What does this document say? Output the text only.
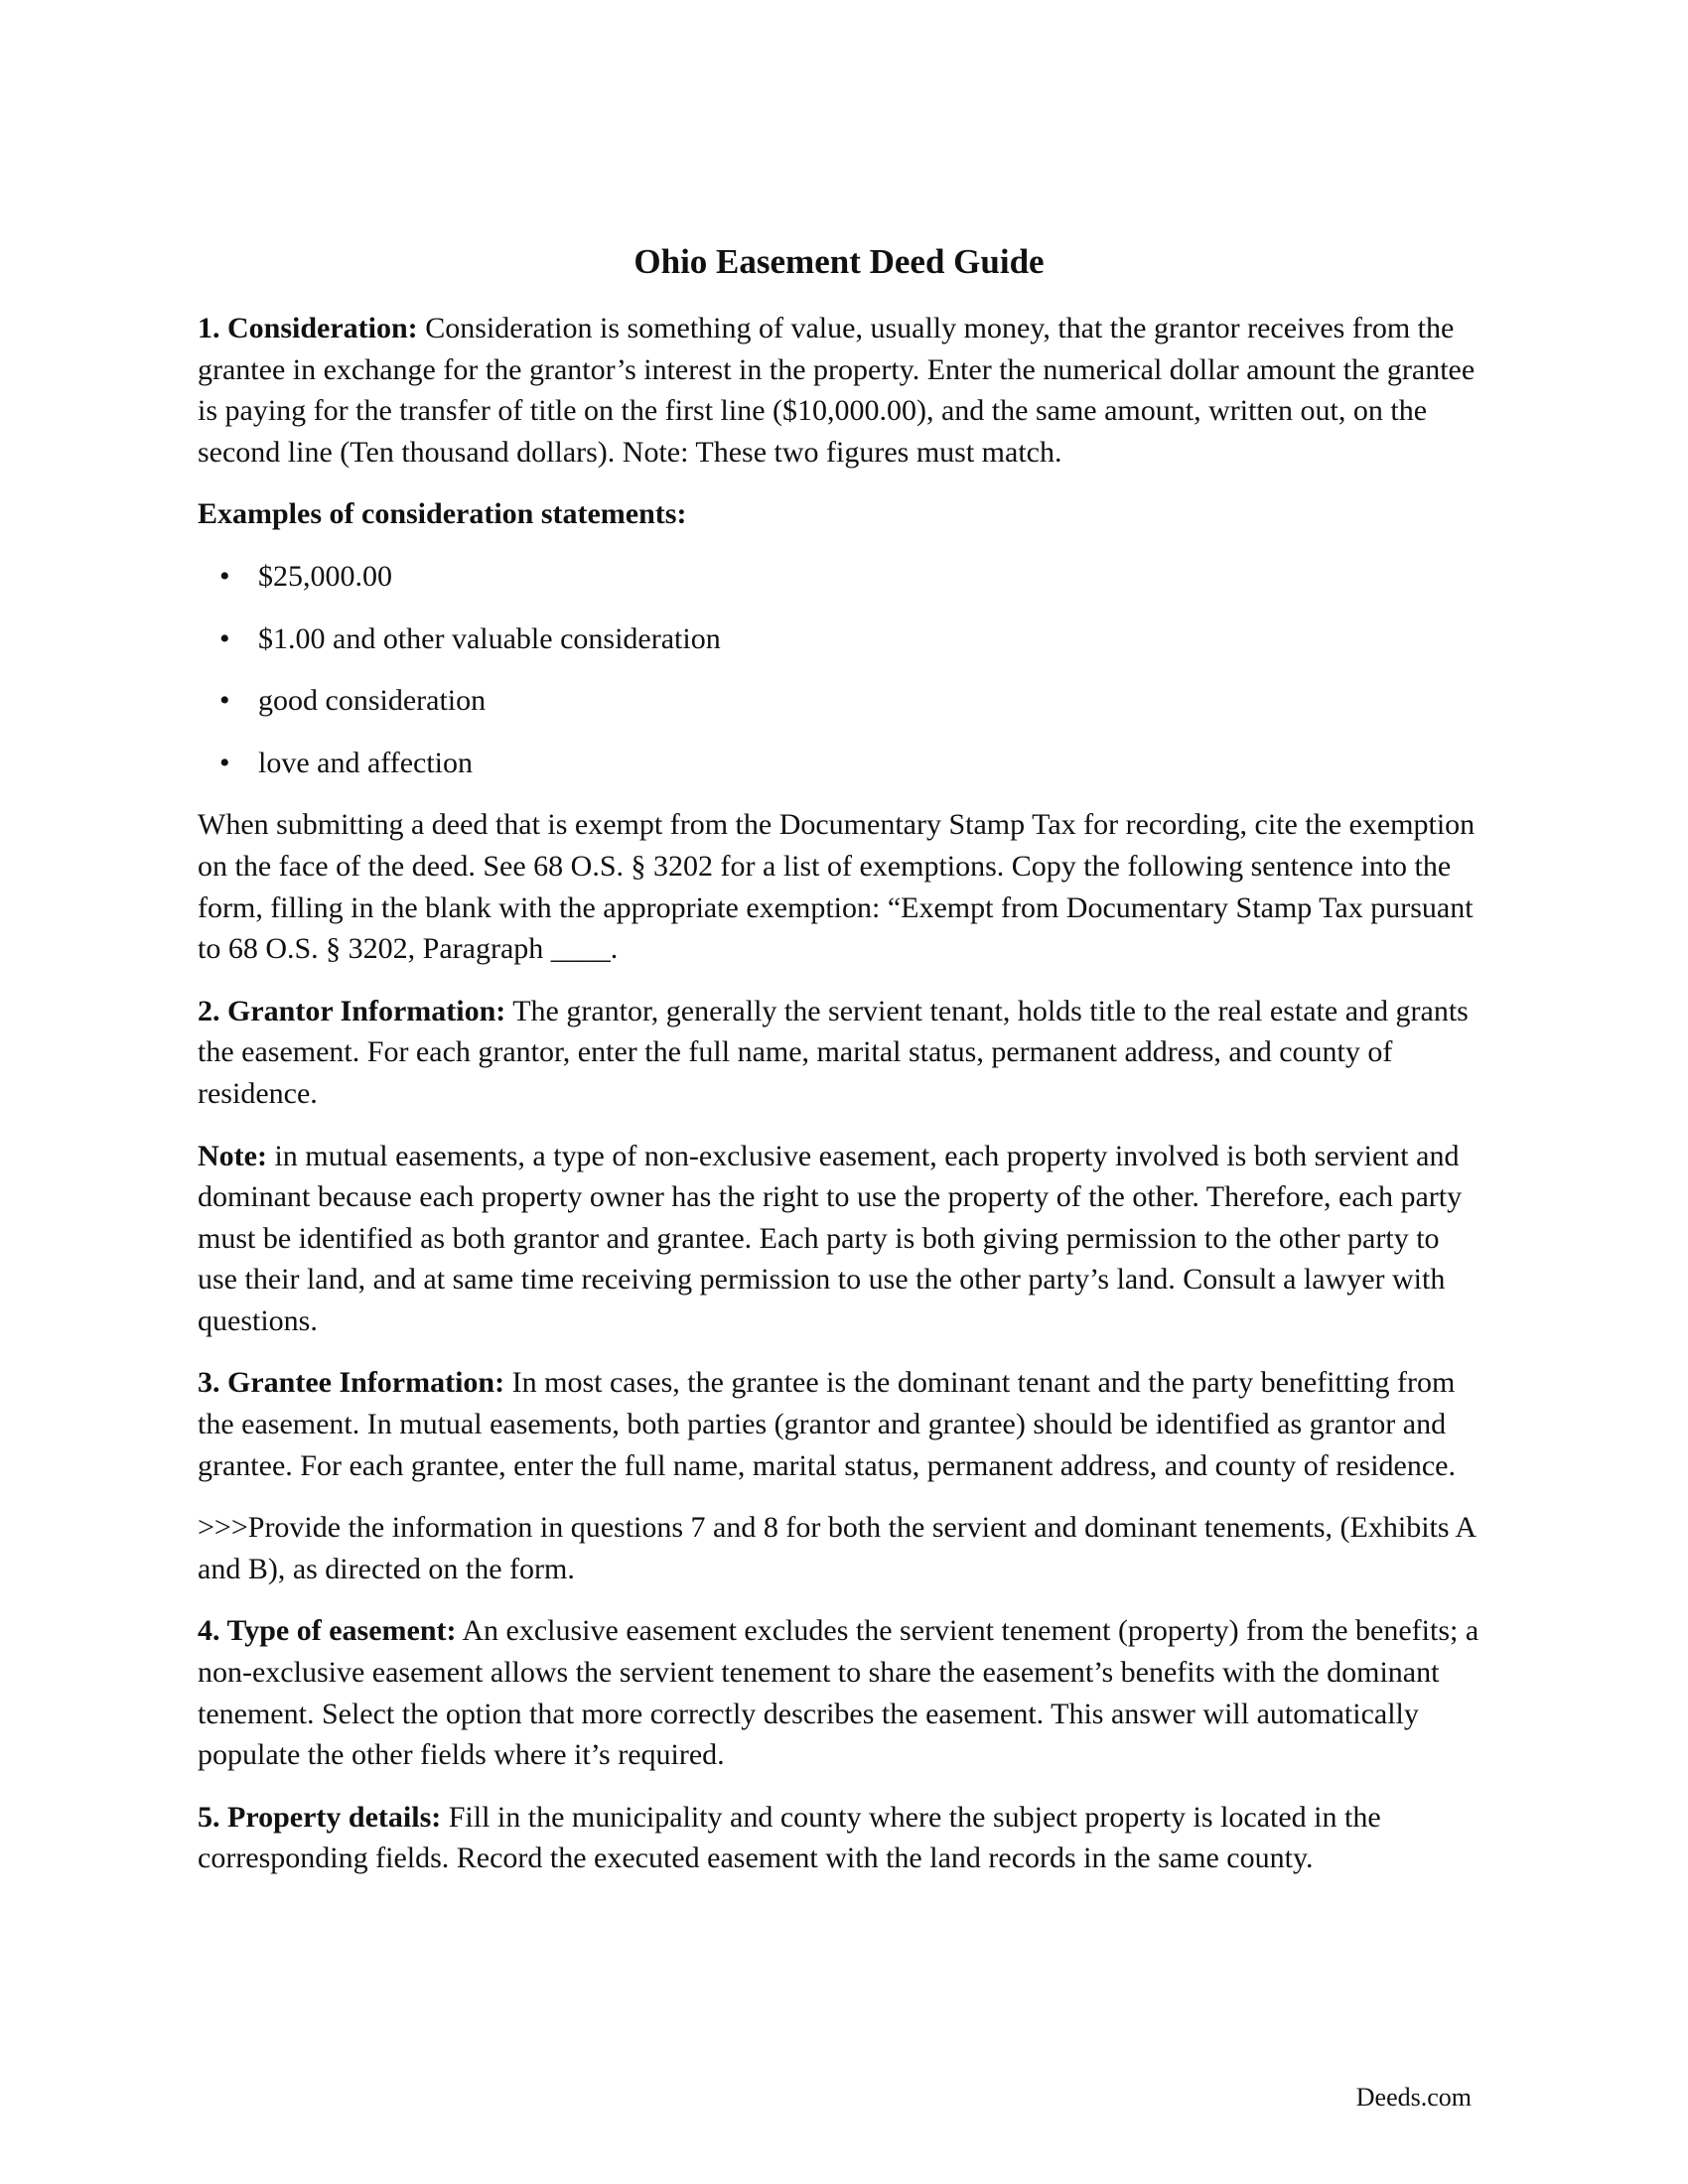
Ohio Easement Deed Guide

1. Consideration: Consideration is something of value, usually money, that the grantor receives from the grantee in exchange for the grantor’s interest in the property. Enter the numerical dollar amount the grantee is paying for the transfer of title on the first line ($10,000.00), and the same amount, written out, on the second line (Ten thousand dollars). Note: These two figures must match.

Examples of consideration statements:

• $25,000.00
• $1.00 and other valuable consideration
• good consideration
• love and affection

When submitting a deed that is exempt from the Documentary Stamp Tax for recording, cite the exemption on the face of the deed. See 68 O.S. § 3202 for a list of exemptions. Copy the following sentence into the form, filling in the blank with the appropriate exemption: “Exempt from Documentary Stamp Tax pursuant to 68 O.S. § 3202, Paragraph ____.

2. Grantor Information: The grantor, generally the servient tenant, holds title to the real estate and grants the easement. For each grantor, enter the full name, marital status, permanent address, and county of residence.

Note: in mutual easements, a type of non-exclusive easement, each property involved is both servient and dominant because each property owner has the right to use the property of the other. Therefore, each party must be identified as both grantor and grantee. Each party is both giving permission to the other party to use their land, and at same time receiving permission to use the other party’s land. Consult a lawyer with questions.

3. Grantee Information: In most cases, the grantee is the dominant tenant and the party benefitting from the easement. In mutual easements, both parties (grantor and grantee) should be identified as grantor and grantee. For each grantee, enter the full name, marital status, permanent address, and county of residence.

>>>Provide the information in questions 7 and 8 for both the servient and dominant tenements, (Exhibits A and B), as directed on the form.

4. Type of easement: An exclusive easement excludes the servient tenement (property) from the benefits; a non-exclusive easement allows the servient tenement to share the easement’s benefits with the dominant tenement. Select the option that more correctly describes the easement. This answer will automatically populate the other fields where it’s required.

5. Property details: Fill in the municipality and county where the subject property is located in the corresponding fields. Record the executed easement with the land records in the same county.

Deeds.com
